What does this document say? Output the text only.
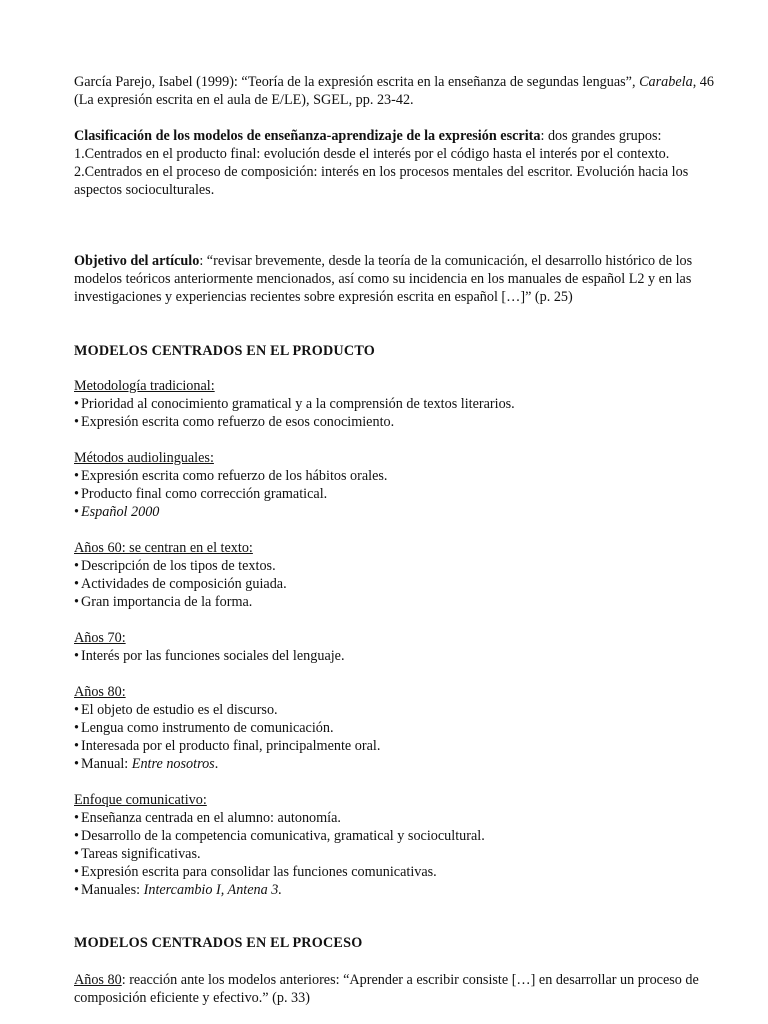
García Parejo, Isabel (1999): “Teoría de la expresión escrita en la enseñanza de segundas lenguas”, Carabela, 46 (La expresión escrita en el aula de E/LE), SGEL, pp. 23-42.

Clasificación de los modelos de enseñanza-aprendizaje de la expresión escrita: dos grandes grupos:
1.Centrados en el producto final: evolución desde el interés por el código hasta el interés por el contexto.
2.Centrados en el proceso de composición: interés en los procesos mentales del escritor. Evolución hacia los aspectos socioculturales.

Objetivo del artículo: “revisar brevemente, desde la teoría de la comunicación, el desarrollo histórico de los modelos teóricos anteriormente mencionados, así como su incidencia en los manuales de español L2 y en las investigaciones y experiencias recientes sobre expresión escrita en español […]” (p. 25)

MODELOS CENTRADOS EN EL PRODUCTO

Metodología tradicional:

• Prioridad al conocimiento gramatical y a la comprensión de textos literarios.
• Expresión escrita como refuerzo de esos conocimiento.

Métodos audiolinguales:

• Expresión escrita como refuerzo de los hábitos orales.
• Producto final como corrección gramatical.
• Español 2000

Años 60: se centran en el texto:

• Descripción de los tipos de textos.
• Actividades de composición guiada.
• Gran importancia de la forma.

Años 70:

• Interés por las funciones sociales del lenguaje.

Años 80:

• El objeto de estudio es el discurso.
• Lengua como instrumento de comunicación.
• Interesada por el producto final, principalmente oral.
• Manual: Entre nosotros.

Enfoque comunicativo:

• Enseñanza centrada en el alumno: autonomía.
• Desarrollo de la competencia comunicativa, gramatical y sociocultural.
• Tareas significativas.
• Expresión escrita para consolidar las funciones comunicativas.
• Manuales: Intercambio I, Antena 3.

MODELOS CENTRADOS EN EL PROCESO

Años 80: reacción ante los modelos anteriores: “Aprender a escribir consiste […] en desarrollar un proceso de composición eficiente y efectivo.” (p. 33)
